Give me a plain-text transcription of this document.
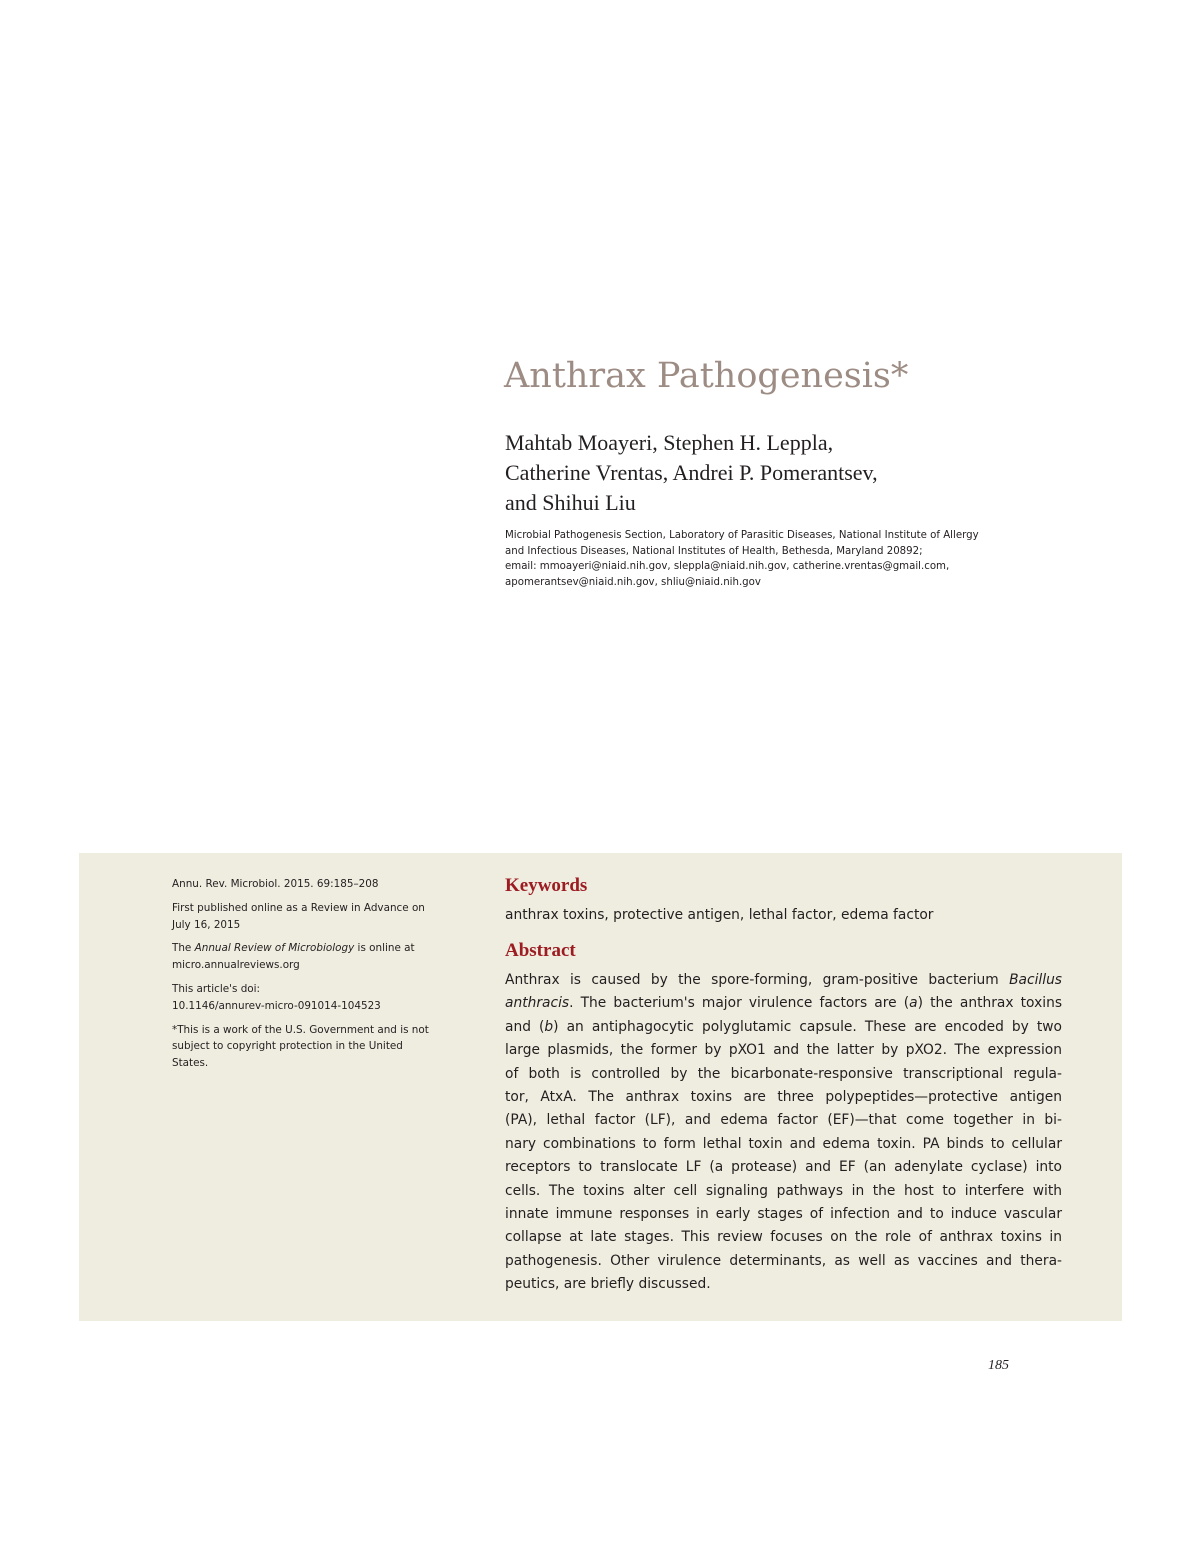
Anthrax Pathogenesis*
Mahtab Moayeri, Stephen H. Leppla,
Catherine Vrentas, Andrei P. Pomerantsev,
and Shihui Liu
Microbial Pathogenesis Section, Laboratory of Parasitic Diseases, National Institute of Allergy
and Infectious Diseases, National Institutes of Health, Bethesda, Maryland 20892;
email: mmoayeri@niaid.nih.gov, sleppla@niaid.nih.gov, catherine.vrentas@gmail.com,
apomerantsev@niaid.nih.gov, shliu@niaid.nih.gov

Annu. Rev. Microbiol. 2015. 69:185–208

First published online as a Review in Advance on
July 16, 2015

The Annual Review of Microbiology is online at
micro.annualreviews.org

This article's doi:
10.1146/annurev-micro-091014-104523

*This is a work of the U.S. Government and is not
subject to copyright protection in the United
States.

Keywords

anthrax toxins, protective antigen, lethal factor, edema factor

Abstract

Anthrax is caused by the spore-forming, gram-positive bacterium Bacillus
anthracis. The bacterium's major virulence factors are (a) the anthrax toxins
and (b) an antiphagocytic polyglutamic capsule. These are encoded by two
large plasmids, the former by pXO1 and the latter by pXO2. The expression
of both is controlled by the bicarbonate-responsive transcriptional regula-
tor, AtxA. The anthrax toxins are three polypeptides—protective antigen
(PA), lethal factor (LF), and edema factor (EF)—that come together in bi-
nary combinations to form lethal toxin and edema toxin. PA binds to cellular
receptors to translocate LF (a protease) and EF (an adenylate cyclase) into
cells. The toxins alter cell signaling pathways in the host to interfere with
innate immune responses in early stages of infection and to induce vascular
collapse at late stages. This review focuses on the role of anthrax toxins in
pathogenesis. Other virulence determinants, as well as vaccines and thera-
peutics, are briefly discussed.

185
